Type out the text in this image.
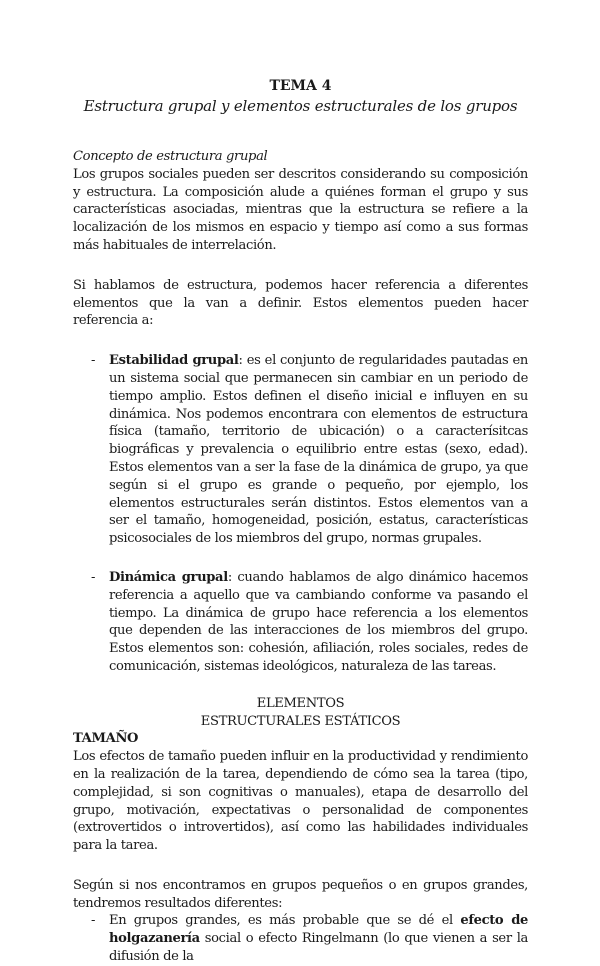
TEMA 4
Estructura grupal y elementos estructurales de los grupos
Concepto de estructura grupal

Los grupos sociales pueden ser descritos considerando su composición y estructura. La composición alude a quiénes forman el grupo y sus características asociadas, mientras que la estructura se refiere a la localización de los mismos en espacio y tiempo así como a sus formas más habituales de interrelación.

Si hablamos de estructura, podemos hacer referencia a diferentes elementos que la van a definir. Estos elementos pueden hacer referencia a:

- Estabilidad grupal: es el conjunto de regularidades pautadas en un sistema social que permanecen sin cambiar en un periodo de tiempo amplio. Estos definen el diseño inicial e influyen en su dinámica. Nos podemos encontrara con elementos de estructura física (tamaño, territorio de ubicación) o a caracterísitcas biográficas y prevalencia o equilibrio entre estas (sexo, edad). Estos elementos van a ser la fase de la dinámica de grupo, ya que según si el grupo es grande o pequeño, por ejemplo, los elementos estructurales serán distintos. Estos elementos van a ser el tamaño, homogeneidad, posición, estatus, características psicosociales de los miembros del grupo, normas grupales.
- Dinámica grupal: cuando hablamos de algo dinámico hacemos referencia a aquello que va cambiando conforme va pasando el tiempo. La dinámica de grupo hace referencia a los elementos que dependen de las interacciones de los miembros del grupo. Estos elementos son: cohesión, afiliación, roles sociales, redes de comunicación, sistemas ideológicos, naturaleza de las tareas.
ELEMENTOS
ESTRUCTURALES ESTÁTICOS
TAMAÑO

Los efectos de tamaño pueden influir en la productividad y rendimiento en la realización de la tarea, dependiendo de cómo sea la tarea (tipo, complejidad, si son cognitivas o manuales), etapa de desarrollo del grupo, motivación, expectativas o personalidad de componentes (extrovertidos o introvertidos), así como las habilidades individuales para la tarea.

Según si nos encontramos en grupos pequeños o en grupos grandes, tendremos resultados diferentes:

- En grupos grandes, es más probable que se dé el efecto de holgazanería social o efecto Ringelmann (lo que vienen a ser la difusión de la
